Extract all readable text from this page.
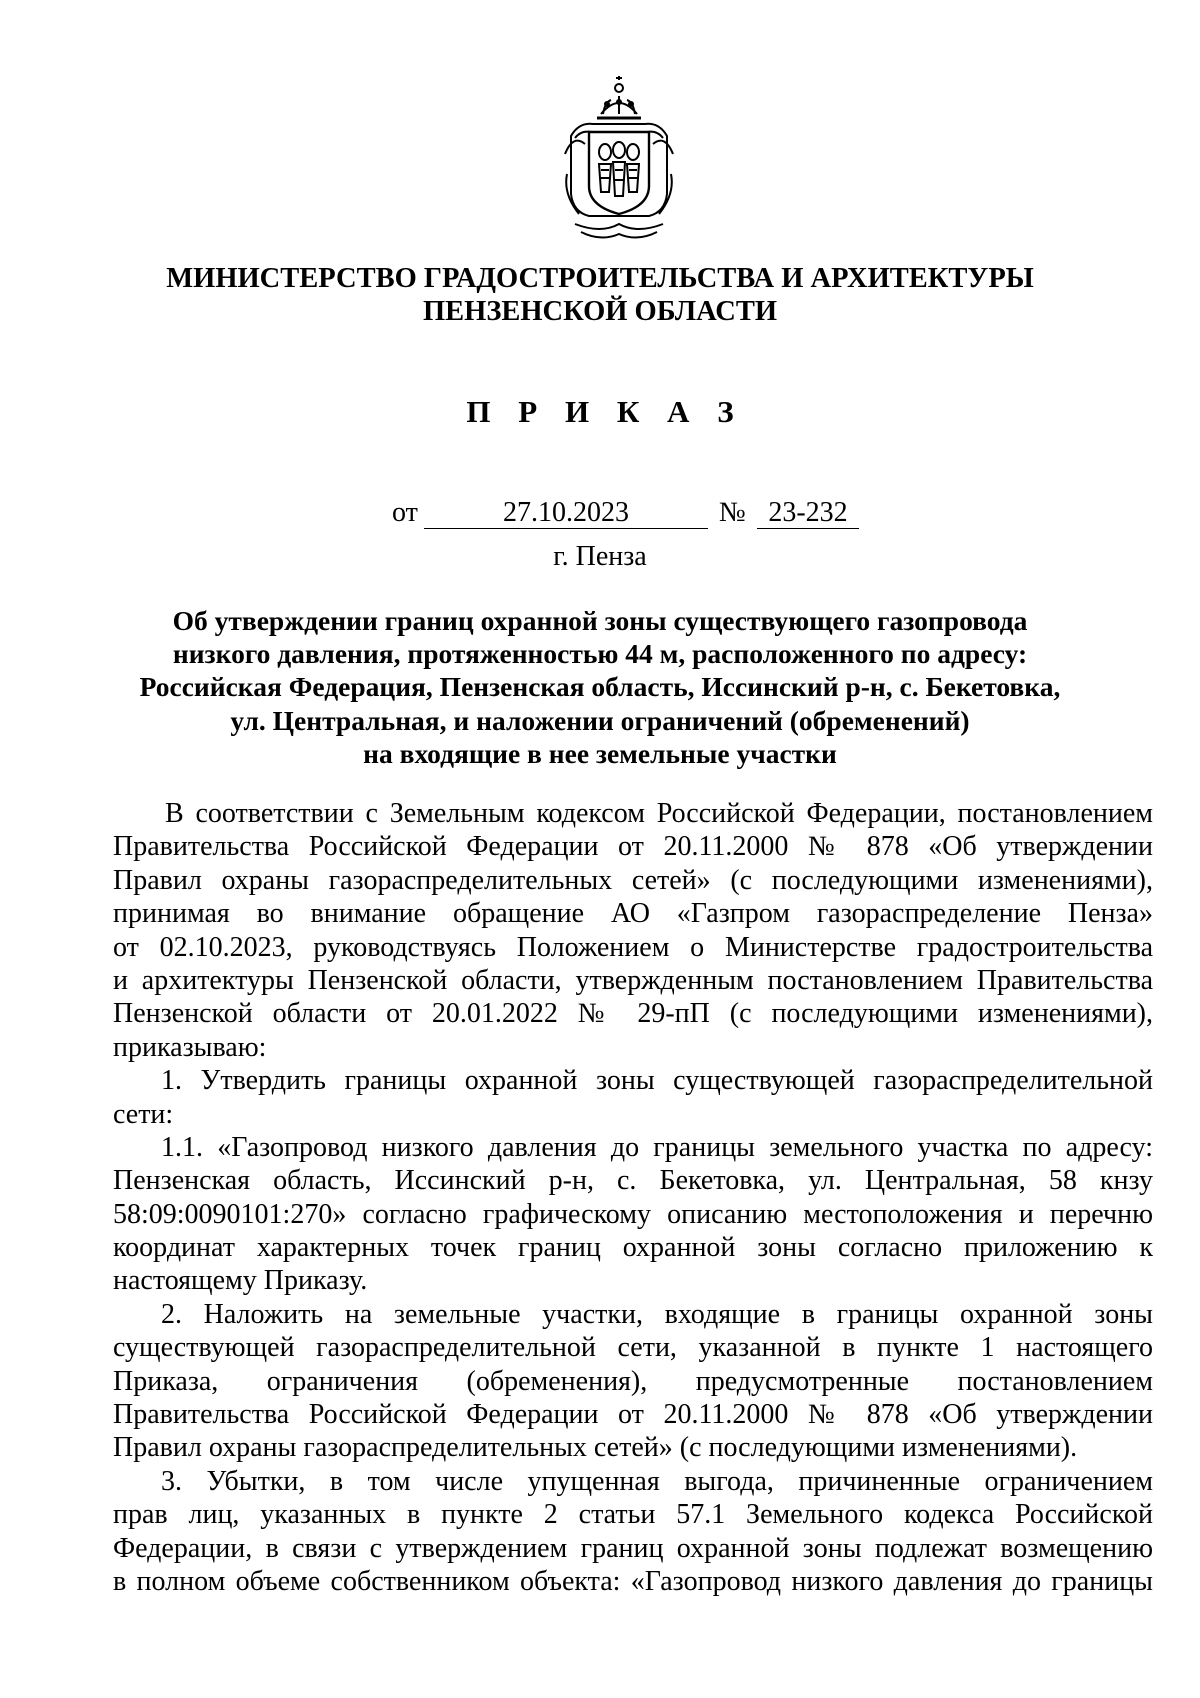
МИНИСТЕРСТВО ГРАДОСТРОИТЕЛЬСТВА И АРХИТЕКТУРЫ
ПЕНЗЕНСКОЙ ОБЛАСТИ
П Р И К А З
от	27.10.2023	№ 23-232
г. Пенза
Об утверждении границ охранной зоны существующего газопровода
низкого давления, протяженностью 44 м, расположенного по адресу:
Российская Федерация, Пензенская область, Иссинский р-н, с. Бекетовка,
ул. Центральная, и наложении ограничений (обременений)
на входящие в нее земельные участки
В соответствии с Земельным кодексом Российской Федерации, постановлением
Правительства Российской Федерации от 20.11.2000 № 878 «Об утверждении
Правил охраны газораспределительных сетей» (с последующими изменениями),
принимая во внимание обращение АО «Газпром газораспределение Пенза»
от 02.10.2023, руководствуясь Положением о Министерстве градостроительства
и архитектуры Пензенской области, утвержденным постановлением Правительства
Пензенской области от 20.01.2022 № 29-пП (с последующими изменениями),
приказываю:
1. Утвердить границы охранной зоны существующей газораспределительной
сети:
1.1. «Газопровод низкого давления до границы земельного участка по адресу:
Пензенская область, Иссинский р-н, с. Бекетовка, ул. Центральная, 58 кнзу
58:09:0090101:270» согласно графическому описанию местоположения и перечню
координат характерных точек границ охранной зоны согласно приложению к
настоящему Приказу.
2. Наложить на земельные участки, входящие в границы охранной зоны
существующей газораспределительной сети, указанной в пункте 1 настоящего
Приказа, ограничения (обременения), предусмотренные постановлением
Правительства Российской Федерации от 20.11.2000 № 878 «Об утверждении
Правил охраны газораспределительных сетей» (с последующими изменениями).
3. Убытки, в том числе упущенная выгода, причиненные ограничением
прав лиц, указанных в пункте 2 статьи 57.1 Земельного кодекса Российской
Федерации, в связи с утверждением границ охранной зоны подлежат возмещению
в полном объеме собственником объекта: «Газопровод низкого давления до границы
